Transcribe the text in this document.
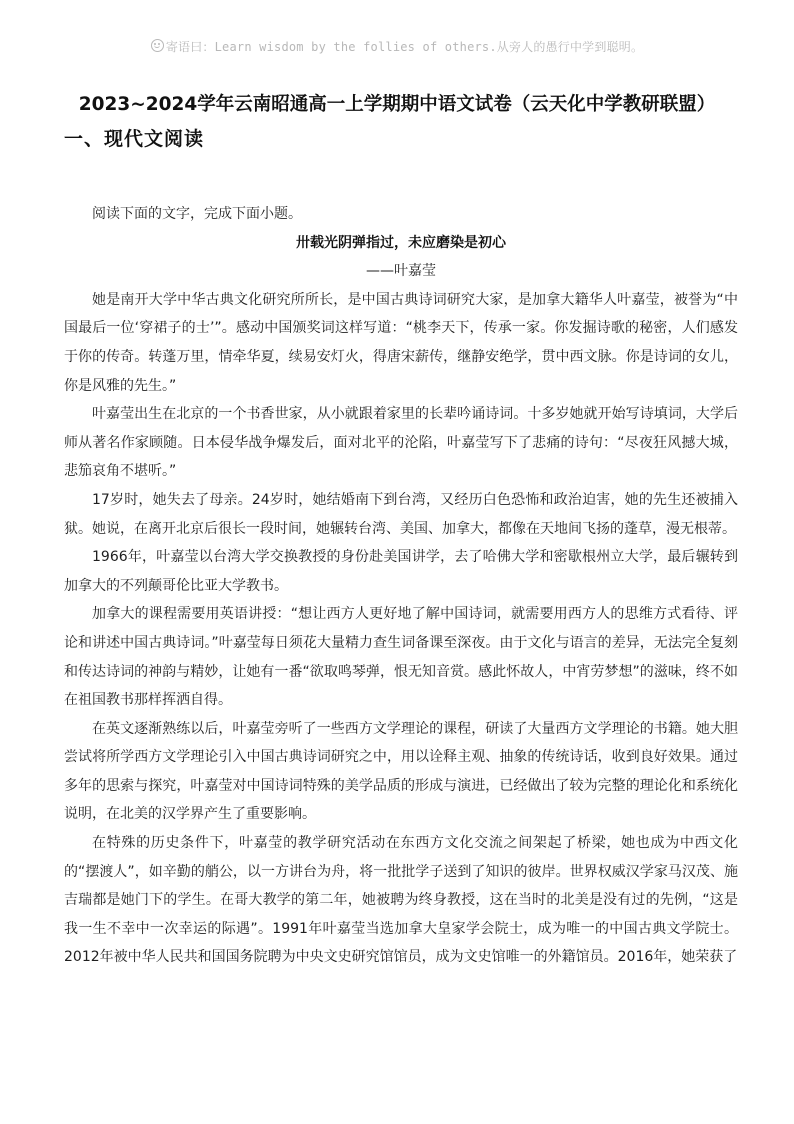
寄语曰：Learn wisdom by the follies of others.从旁人的愚行中学到聪明。
2023~2024学年云南昭通高一上学期期中语文试卷（云天化中学教研联盟）
一、现代文阅读

阅读下面的文字，完成下面小题。

卅载光阴弹指过，未应磨染是初心

——叶嘉莹

她是南开大学中华古典文化研究所所长，是中国古典诗词研究大家，是加拿大籍华人叶嘉莹，被誉为“中国最后一位‘穿裙子的士’”。感动中国颁奖词这样写道：“桃李天下，传承一家。你发掘诗歌的秘密，人们感发于你的传奇。转蓬万里，情牵华夏，续易安灯火，得唐宋薪传，继静安绝学，贯中西文脉。你是诗词的女儿，你是风雅的先生。”

叶嘉莹出生在北京的一个书香世家，从小就跟着家里的长辈吟诵诗词。十多岁她就开始写诗填词，大学后师从著名作家顾随。日本侵华战争爆发后，面对北平的沦陷，叶嘉莹写下了悲痛的诗句：“尽夜狂风撼大城，悲笳哀角不堪听。”

17岁时，她失去了母亲。24岁时，她结婚南下到台湾，又经历白色恐怖和政治迫害，她的先生还被捕入狱。她说，在离开北京后很长一段时间，她辗转台湾、美国、加拿大，都像在天地间飞扬的蓬草，漫无根蒂。

1966年，叶嘉莹以台湾大学交换教授的身份赴美国讲学，去了哈佛大学和密歇根州立大学，最后辗转到加拿大的不列颠哥伦比亚大学教书。

加拿大的课程需要用英语讲授：“想让西方人更好地了解中国诗词，就需要用西方人的思维方式看待、评论和讲述中国古典诗词。”叶嘉莹每日须花大量精力查生词备课至深夜。由于文化与语言的差异，无法完全复刻和传达诗词的神韵与精妙，让她有一番“欲取鸣琴弹，恨无知音赏。感此怀故人，中宵劳梦想”的滋味，终不如在祖国教书那样挥洒自得。

在英文逐渐熟练以后，叶嘉莹旁听了一些西方文学理论的课程，研读了大量西方文学理论的书籍。她大胆尝试将所学西方文学理论引入中国古典诗词研究之中，用以诠释主观、抽象的传统诗话，收到良好效果。通过多年的思索与探究，叶嘉莹对中国诗词特殊的美学品质的形成与演进，已经做出了较为完整的理论化和系统化说明，在北美的汉学界产生了重要影响。

在特殊的历史条件下，叶嘉莹的教学研究活动在东西方文化交流之间架起了桥梁，她也成为中西文化的“摆渡人”，如辛勤的艄公，以一方讲台为舟，将一批批学子送到了知识的彼岸。世界权威汉学家马汉茂、施吉瑞都是她门下的学生。在哥大教学的第二年，她被聘为终身教授，这在当时的北美是没有过的先例，“这是我一生不幸中一次幸运的际遇”。1991年叶嘉莹当选加拿大皇家学会院士，成为唯一的中国古典文学院士。2012年被中华人民共和国国务院聘为中央文史研究馆馆员，成为文史馆唯一的外籍馆员。2016年，她荣获了
